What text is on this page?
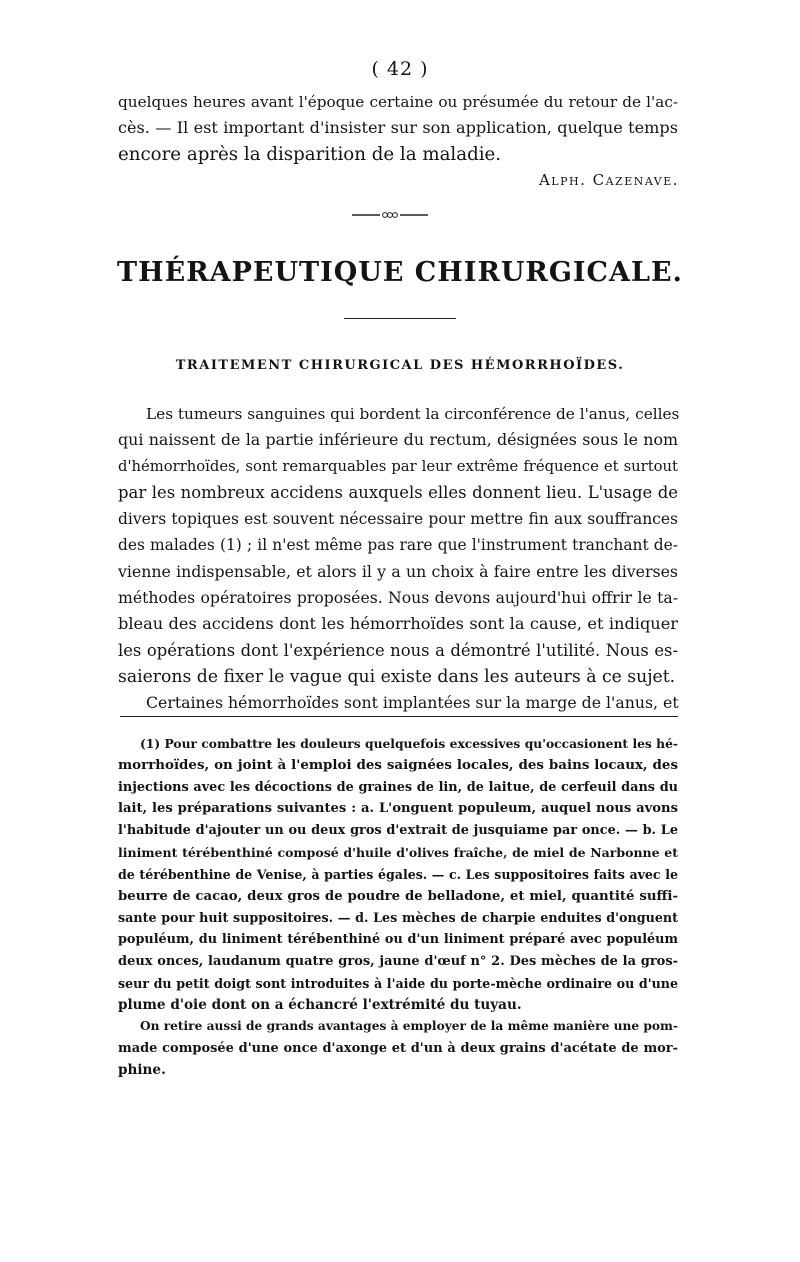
( 42 )
quelques heures avant l'époque certaine ou présumée du retour de l'ac-
cès. — Il est important d'insister sur son application, quelque temps
encore après la disparition de la maladie.
Alph. Cazenave.
THÉRAPEUTIQUE CHIRURGICALE.
TRAITEMENT CHIRURGICAL DES HÉMORRHOÏDES.
Les tumeurs sanguines qui bordent la circonférence de l'anus, celles
qui naissent de la partie inférieure du rectum, désignées sous le nom
d'hémorrhoïdes, sont remarquables par leur extrême fréquence et surtout
par les nombreux accidens auxquels elles donnent lieu. L'usage de
divers topiques est souvent nécessaire pour mettre fin aux souffrances
des malades (1) ; il n'est même pas rare que l'instrument tranchant de-
vienne indispensable, et alors il y a un choix à faire entre les diverses
méthodes opératoires proposées. Nous devons aujourd'hui offrir le ta-
bleau des accidens dont les hémorrhoïdes sont la cause, et indiquer
les opérations dont l'expérience nous a démontré l'utilité. Nous es-
saierons de fixer le vague qui existe dans les auteurs à ce sujet.
Certaines hémorrhoïdes sont implantées sur la marge de l'anus, et
(1) Pour combattre les douleurs quelquefois excessives qu'occasionent les hé-
morrhoïdes, on joint à l'emploi des saignées locales, des bains locaux, des
injections avec les décoctions de graines de lin, de laitue, de cerfeuil dans du
lait, les préparations suivantes : a. L'onguent populeum, auquel nous avons
l'habitude d'ajouter un ou deux gros d'extrait de jusquiame par once. — b. Le
liniment térébenthiné composé d'huile d'olives fraîche, de miel de Narbonne et
de térébenthine de Venise, à parties égales. — c. Les suppositoires faits avec le
beurre de cacao, deux gros de poudre de belladone, et miel, quantité suffi-
sante pour huit suppositoires. — d. Les mèches de charpie enduites d'onguent
populéum, du liniment térébenthiné ou d'un liniment préparé avec populéum
deux onces, laudanum quatre gros, jaune d'œuf n° 2. Des mèches de la gros-
seur du petit doigt sont introduites à l'aide du porte-mèche ordinaire ou d'une
plume d'oie dont on a échancré l'extrémité du tuyau.
On retire aussi de grands avantages à employer de la même manière une pom-
made composée d'une once d'axonge et d'un à deux grains d'acétate de mor-
phine.
